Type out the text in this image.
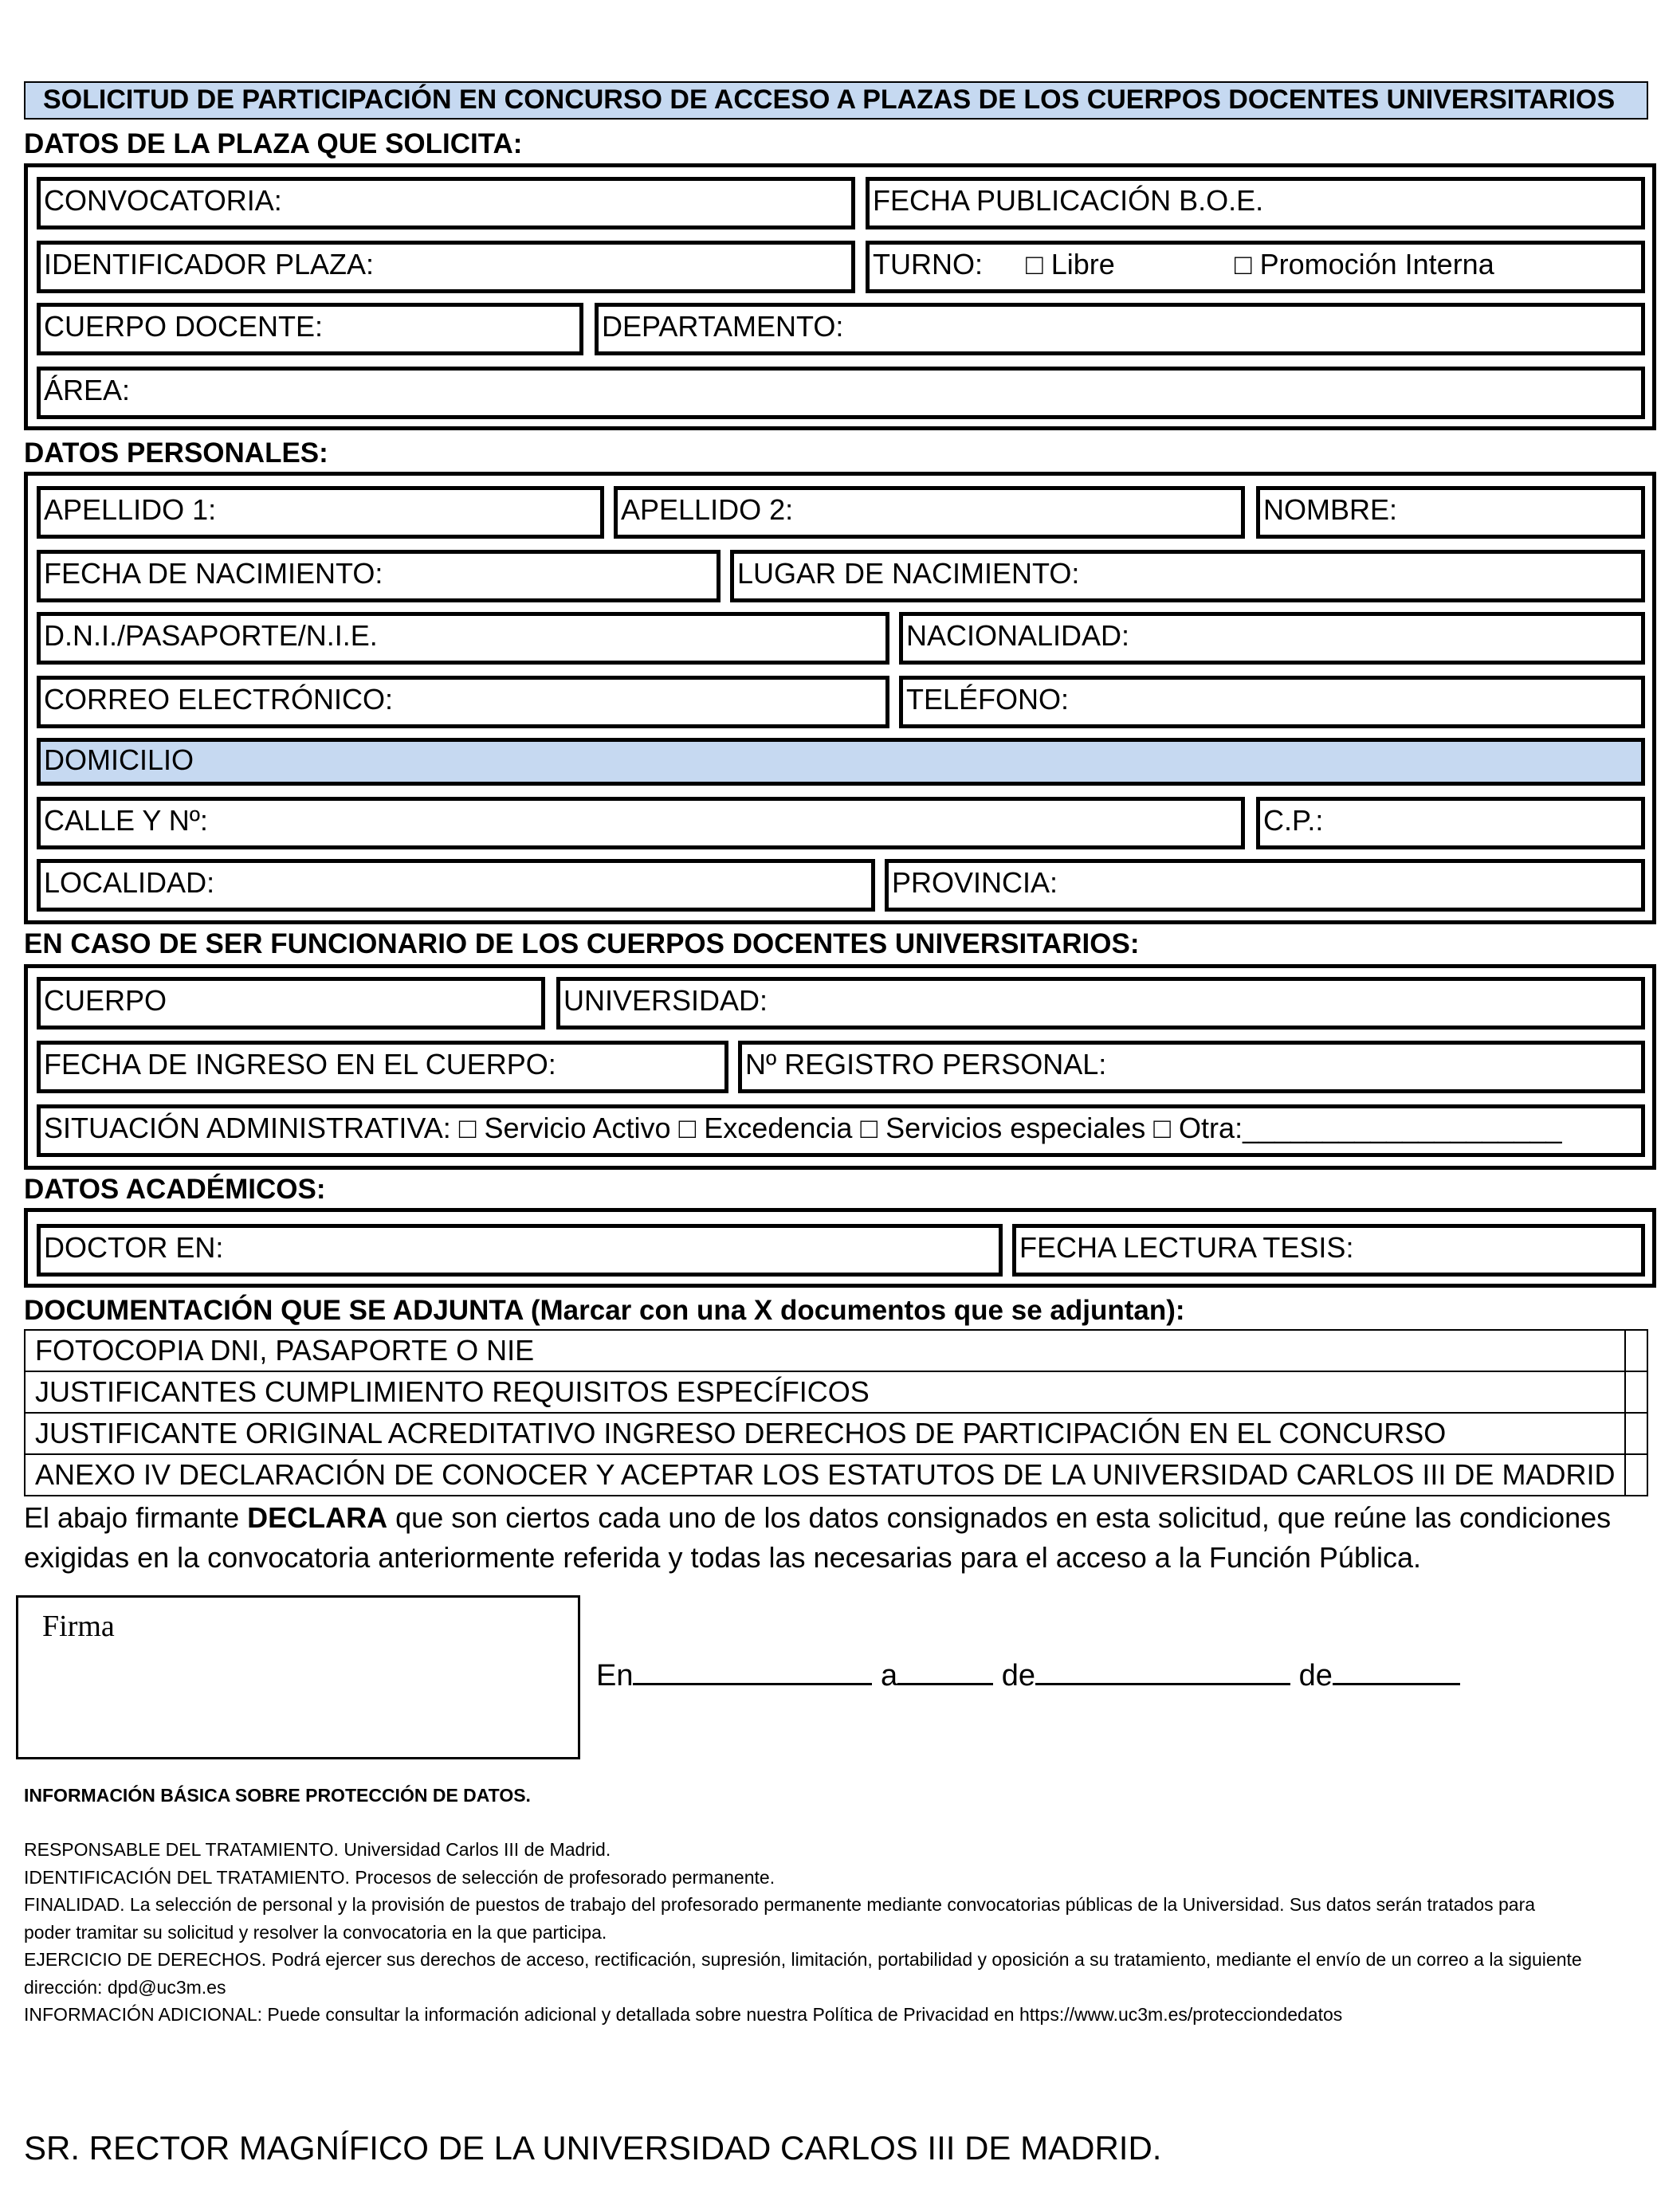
SOLICITUD DE PARTICIPACIÓN EN CONCURSO DE ACCESO A PLAZAS DE LOS CUERPOS DOCENTES UNIVERSITARIOS
DATOS DE LA PLAZA QUE SOLICITA:
CONVOCATORIA:	FECHA PUBLICACIÓN B.O.E.
IDENTIFICADOR PLAZA:	TURNO: □ Libre	□ Promoción Interna
CUERPO DOCENTE:	DEPARTAMENTO:
ÁREA:
DATOS PERSONALES:
APELLIDO 1:	APELLIDO 2:	NOMBRE:
FECHA DE NACIMIENTO:	LUGAR DE NACIMIENTO:
D.N.I./PASAPORTE/N.I.E.	NACIONALIDAD:
CORREO ELECTRÓNICO:	TELÉFONO:
DOMICILIO
CALLE Y Nº:	C.P.:
LOCALIDAD:	PROVINCIA:
EN CASO DE SER FUNCIONARIO DE LOS CUERPOS DOCENTES UNIVERSITARIOS:
CUERPO	UNIVERSIDAD:
FECHA DE INGRESO EN EL CUERPO:	Nº REGISTRO PERSONAL:
SITUACIÓN ADMINISTRATIVA: □ Servicio Activo □ Excedencia □ Servicios especiales □ Otra:____________________
DATOS ACADÉMICOS:
DOCTOR EN:	FECHA LECTURA TESIS:
DOCUMENTACIÓN QUE SE ADJUNTA (Marcar con una X documentos que se adjuntan):
FOTOCOPIA DNI, PASAPORTE O NIE	
JUSTIFICANTES CUMPLIMIENTO REQUISITOS ESPECÍFICOS	
JUSTIFICANTE ORIGINAL ACREDITATIVO INGRESO DERECHOS DE PARTICIPACIÓN EN EL CONCURSO	
ANEXO IV DECLARACIÓN DE CONOCER Y ACEPTAR LOS ESTATUTOS DE LA UNIVERSIDAD CARLOS III DE MADRID	
El abajo firmante DECLARA que son ciertos cada uno de los datos consignados en esta solicitud, que reúne las condiciones exigidas en la convocatoria anteriormente referida y todas las necesarias para el acceso a la Función Pública.
Firma
En	a	de	de
INFORMACIÓN BÁSICA SOBRE PROTECCIÓN DE DATOS.
RESPONSABLE DEL TRATAMIENTO. Universidad Carlos III de Madrid.
IDENTIFICACIÓN DEL TRATAMIENTO. Procesos de selección de profesorado permanente.
FINALIDAD. La selección de personal y la provisión de puestos de trabajo del profesorado permanente mediante convocatorias públicas de la Universidad. Sus datos serán tratados para poder tramitar su solicitud y resolver la convocatoria en la que participa.
EJERCICIO DE DERECHOS. Podrá ejercer sus derechos de acceso, rectificación, supresión, limitación, portabilidad y oposición a su tratamiento, mediante el envío de un correo a la siguiente dirección: dpd@uc3m.es
INFORMACIÓN ADICIONAL: Puede consultar la información adicional y detallada sobre nuestra Política de Privacidad en https://www.uc3m.es/protecciondedatos
SR. RECTOR MAGNÍFICO DE LA UNIVERSIDAD CARLOS III DE MADRID.
